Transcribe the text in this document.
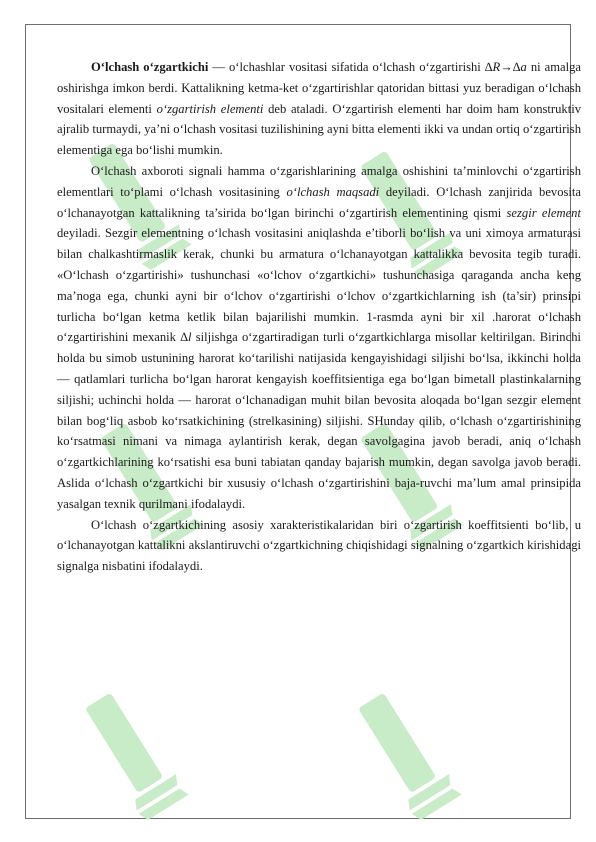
O‘lchash o‘zgartkichi — o‘lchashlar vositasi sifatida o‘lchash o‘zgartirishi ∆R→∆a ni amalga oshirishga imkon berdi. Kattalikning ketma-ket o‘zgartirishlar qatoridan bittasi yuz beradigan o‘lchash vositalari elementi o‘zgartirish elementi deb ataladi. O‘zgartirish elementi har doim ham konstruktiv ajralib turmaydi, ya’ni o‘lchash vositasi tuzilishining ayni bitta elementi ikki va undan ortiq o‘zgartirish elementiga ega bo‘lishi mumkin.

O‘lchash axboroti signali hamma o‘zgarishlarining amalga oshishini ta’minlovchi o‘zgartirish elementlari to‘plami o‘lchash vositasining o‘lchash maqsadi deyiladi. O‘lchash zanjirida bevosita o‘lchanayotgan kattalikning ta’sirida bo‘lgan birinchi o‘zgartirish elementining qismi sezgir element deyiladi. Sezgir elementning o‘lchash vositasini aniqlashda e’tiborli bo‘lish va uni ximoya armaturasi bilan chalkashtirmaslik kerak, chunki bu armatura o‘lchanayotgan kattalikka bevosita tegib turadi. «O‘lchash o‘zgartirishi» tushunchasi «o‘lchov o‘zgartkichi» tushunchasiga qaraganda ancha keng ma’noga ega, chunki ayni bir o‘lchov o‘zgartirishi o‘lchov o‘zgartkichlarning ish (ta’sir) prinsipi turlicha bo‘lgan ketma ketlik bilan bajarilishi mumkin. 1-rasmda ayni bir xil .harorat o‘lchash o‘zgartirishini mexanik ∆l siljishga o‘zgartiradigan turli o‘zgartkichlarga misollar keltirilgan. Birinchi holda bu simob ustunining harorat ko‘tarilishi natijasida kengayishidagi siljishi bo‘lsa, ikkinchi holda — qatlamlari turlicha bo‘lgan harorat kengayish koeffitsientiga ega bo‘lgan bimetall plastinkalarning siljishi; uchinchi holda — harorat o‘lchanadigan muhit bilan bevosita aloqada bo‘lgan sezgir element bilan bog‘liq asbob ko‘rsatkichining (strelkasining) siljishi. SHunday qilib, o‘lchash o‘zgartirishining ko‘rsatmasi nimani va nimaga aylantirish kerak, degan savolgagina javob beradi, aniq o‘lchash o‘zgartkichlarining ko‘rsatishi esa buni tabiatan qanday bajarish mumkin, degan savolga javob beradi. Aslida o‘lchash o‘zgartkichi bir xususiy o‘lchash o‘zgartirishini baja-ruvchi ma’lum amal prinsipida yasalgan texnik qurilmani ifodalaydi.

O‘lchash o‘zgartkichining asosiy xarakteristikalaridan biri o‘zgartirish koeffitsienti bo‘lib, u o‘lchanayotgan kattalikni akslantiruvchi o‘zgartkichning chiqishidagi signalning o‘zgartkich kirishidagi signalga nisbatini ifodalaydi.
